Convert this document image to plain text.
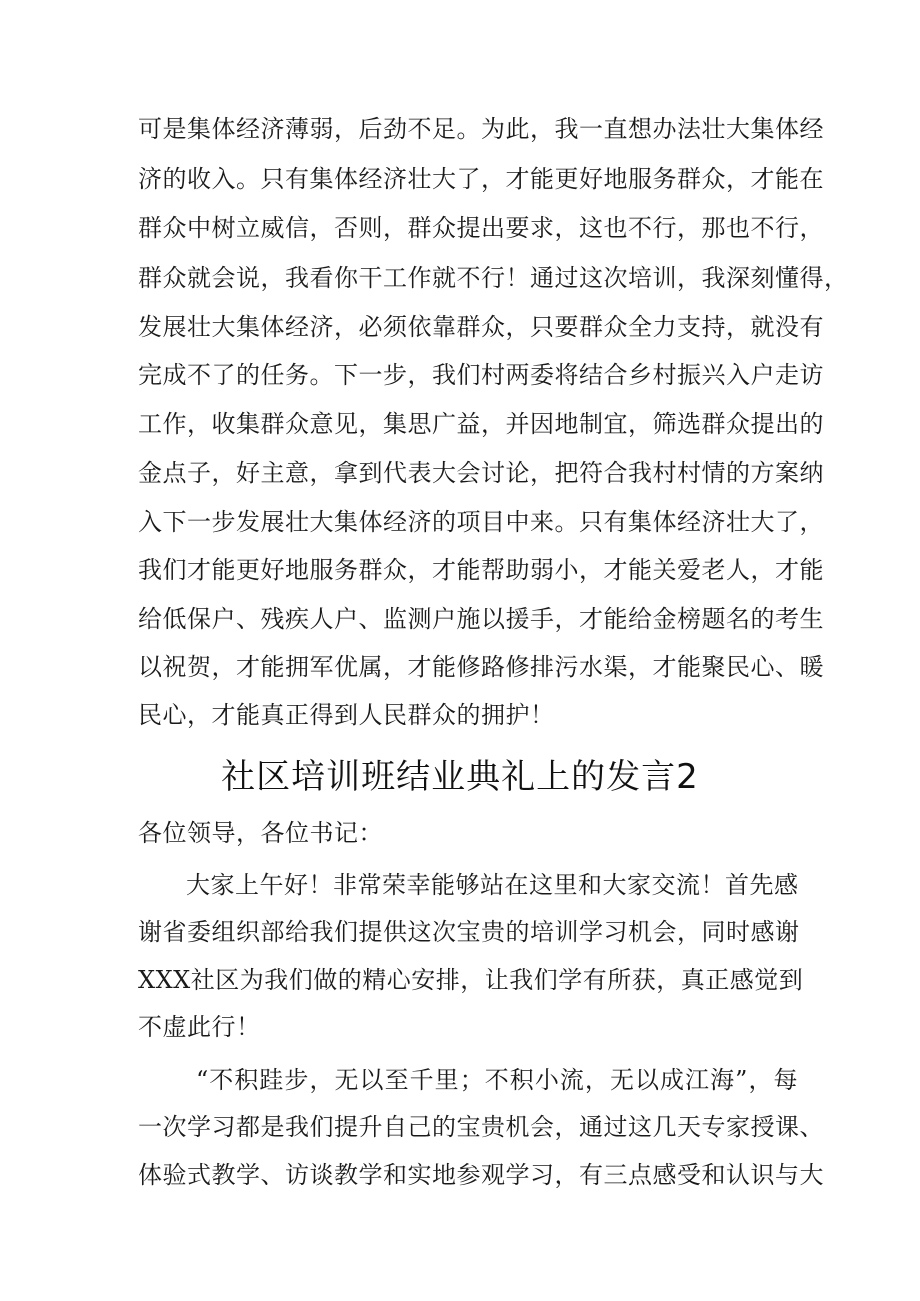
可是集体经济薄弱，后劲不足。为此，我一直想办法壮大集体经
济的收入。只有集体经济壮大了，才能更好地服务群众，才能在
群众中树立威信，否则，群众提出要求，这也不行，那也不行，
群众就会说，我看你干工作就不行！通过这次培训，我深刻懂得，
发展壮大集体经济，必须依靠群众，只要群众全力支持，就没有
完成不了的任务。下一步，我们村两委将结合乡村振兴入户走访
工作，收集群众意见，集思广益，并因地制宜，筛选群众提出的
金点子，好主意，拿到代表大会讨论，把符合我村村情的方案纳
入下一步发展壮大集体经济的项目中来。只有集体经济壮大了，
我们才能更好地服务群众，才能帮助弱小，才能关爱老人，才能
给低保户、残疾人户、监测户施以援手，才能给金榜题名的考生
以祝贺，才能拥军优属，才能修路修排污水渠，才能聚民心、暖
民心，才能真正得到人民群众的拥护！
社区培训班结业典礼上的发言2
各位领导，各位书记：
大家上午好！非常荣幸能够站在这里和大家交流！首先感
谢省委组织部给我们提供这次宝贵的培训学习机会，同时感谢
XXX社区为我们做的精心安排，让我们学有所获，真正感觉到
不虚此行！
“不积跬步，无以至千里；不积小流，无以成江海”，每
一次学习都是我们提升自己的宝贵机会，通过这几天专家授课、
体验式教学、访谈教学和实地参观学习，有三点感受和认识与大
